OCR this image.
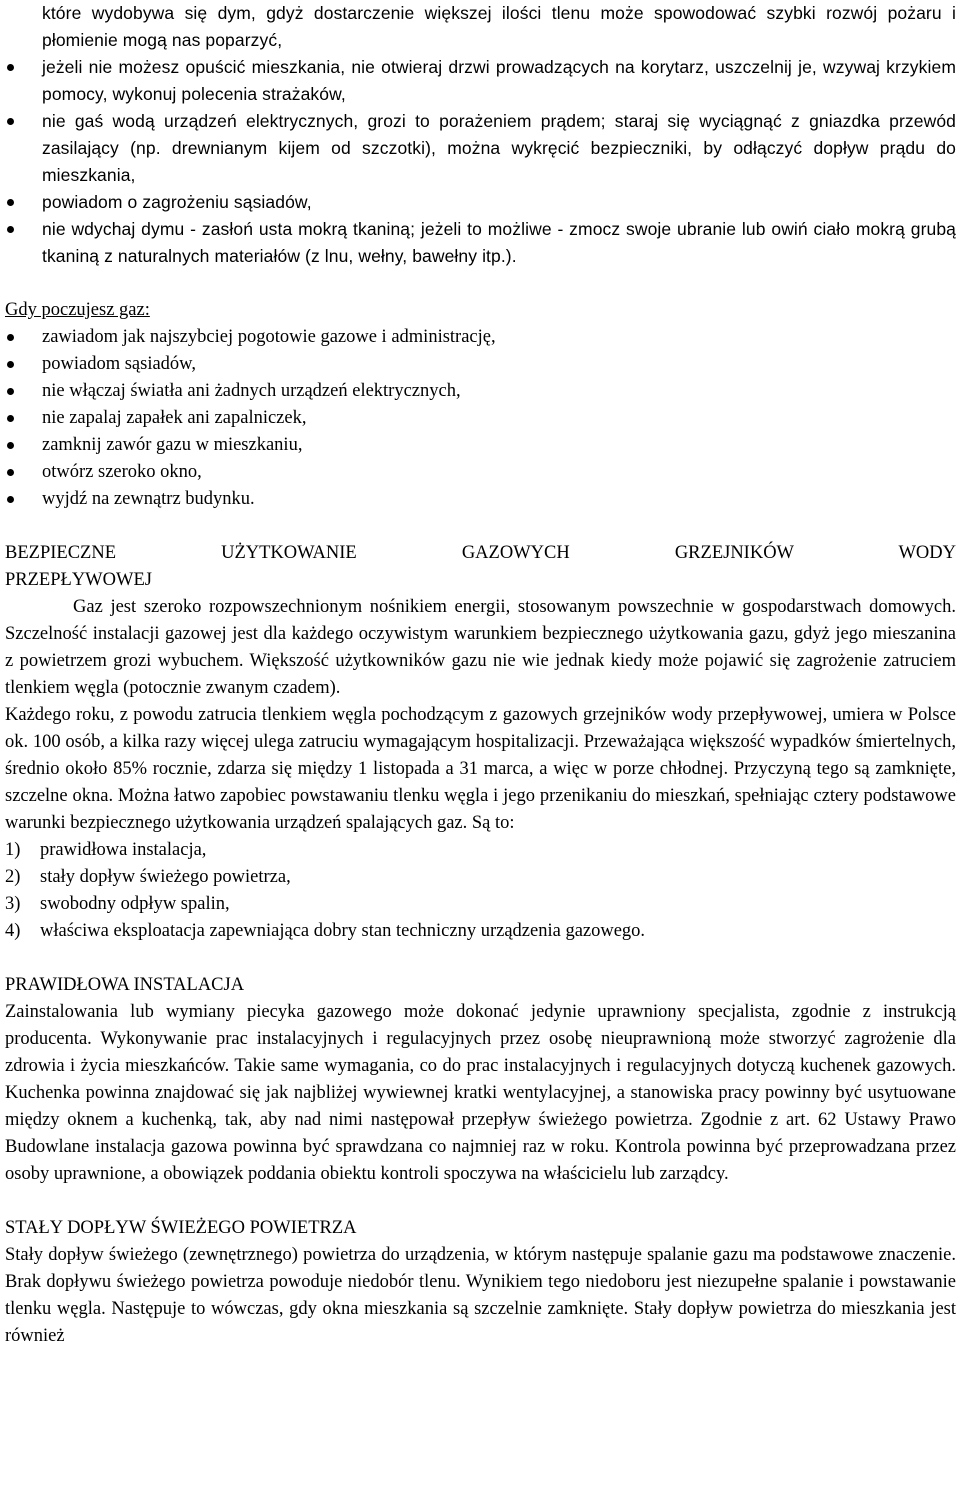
które wydobywa się dym, gdyż dostarczenie większej ilości tlenu może spowodować szybki rozwój pożaru i płomienie mogą nas poparzyć,

jeżeli nie możesz opuścić mieszkania, nie otwieraj drzwi prowadzących na korytarz, uszczelnij je, wzywaj krzykiem pomocy, wykonuj polecenia strażaków,
nie gaś wodą urządzeń elektrycznych, grozi to porażeniem prądem; staraj się wyciągnąć z gniazdka przewód zasilający (np. drewnianym kijem od szczotki), można wykręcić bezpieczniki, by odłączyć dopływ prądu do mieszkania,
powiadom o zagrożeniu sąsiadów,
nie wdychaj dymu - zasłoń usta mokrą tkaniną; jeżeli to możliwe - zmocz swoje ubranie lub owiń ciało mokrą grubą tkaniną z naturalnych materiałów (z lnu, wełny, bawełny itp.).

Gdy poczujesz gaz:

zawiadom jak najszybciej pogotowie gazowe i administrację,
powiadom sąsiadów,
nie włączaj światła ani żadnych urządzeń elektrycznych,
nie zapalaj zapałek ani zapalniczek,
zamknij zawór gazu w mieszkaniu,
otwórz szeroko okno,
wyjdź na zewnątrz budynku.

BEZPIECZNE UŻYTKOWANIE GAZOWYCH GRZEJNIKÓW WODY

PRZEPŁYWOWEJ

Gaz jest szeroko rozpowszechnionym nośnikiem energii, stosowanym powszechnie w gospodarstwach domowych. Szczelność instalacji gazowej jest dla każdego oczywistym warunkiem bezpiecznego użytkowania gazu, gdyż jego mieszanina z powietrzem grozi wybuchem. Większość użytkowników gazu nie wie jednak kiedy może pojawić się zagrożenie zatruciem tlenkiem węgla (potocznie zwanym czadem).

Każdego roku, z powodu zatrucia tlenkiem węgla pochodzącym z gazowych grzejników wody przepływowej, umiera w Polsce ok. 100 osób, a kilka razy więcej ulega zatruciu wymagającym hospitalizacji. Przeważająca większość wypadków śmiertelnych, średnio około 85% rocznie, zdarza się między 1 listopada a 31 marca, a więc w porze chłodnej. Przyczyną tego są zamknięte, szczelne okna. Można łatwo zapobiec powstawaniu tlenku węgla i jego przenikaniu do mieszkań, spełniając cztery podstawowe warunki bezpiecznego użytkowania urządzeń spalających gaz. Są to:

1) prawidłowa instalacja,
2) stały dopływ świeżego powietrza,
3) swobodny odpływ spalin,
4) właściwa eksploatacja zapewniająca dobry stan techniczny urządzenia gazowego.
PRAWIDŁOWA INSTALACJA

Zainstalowania lub wymiany piecyka gazowego może dokonać jedynie uprawniony specjalista, zgodnie z instrukcją producenta. Wykonywanie prac instalacyjnych i regulacyjnych przez osobę nieuprawnioną może stworzyć zagrożenie dla zdrowia i życia mieszkańców. Takie same wymagania, co do prac instalacyjnych i regulacyjnych dotyczą kuchenek gazowych. Kuchenka powinna znajdować się jak najbliżej wywiewnej kratki wentylacyjnej, a stanowiska pracy powinny być usytuowane między oknem a kuchenką, tak, aby nad nimi następował przepływ świeżego powietrza. Zgodnie z art. 62 Ustawy Prawo Budowlane instalacja gazowa powinna być sprawdzana co najmniej raz w roku. Kontrola powinna być przeprowadzana przez osoby uprawnione, a obowiązek poddania obiektu kontroli spoczywa na właścicielu lub zarządcy.

STAŁY DOPŁYW ŚWIEŻEGO POWIETRZA

Stały dopływ świeżego (zewnętrznego) powietrza do urządzenia, w którym następuje spalanie gazu ma podstawowe znaczenie. Brak dopływu świeżego powietrza powoduje niedobór tlenu. Wynikiem tego niedoboru jest niezupełne spalanie i powstawanie tlenku węgla. Następuje to wówczas, gdy okna mieszkania są szczelnie zamknięte. Stały dopływ powietrza do mieszkania jest również
